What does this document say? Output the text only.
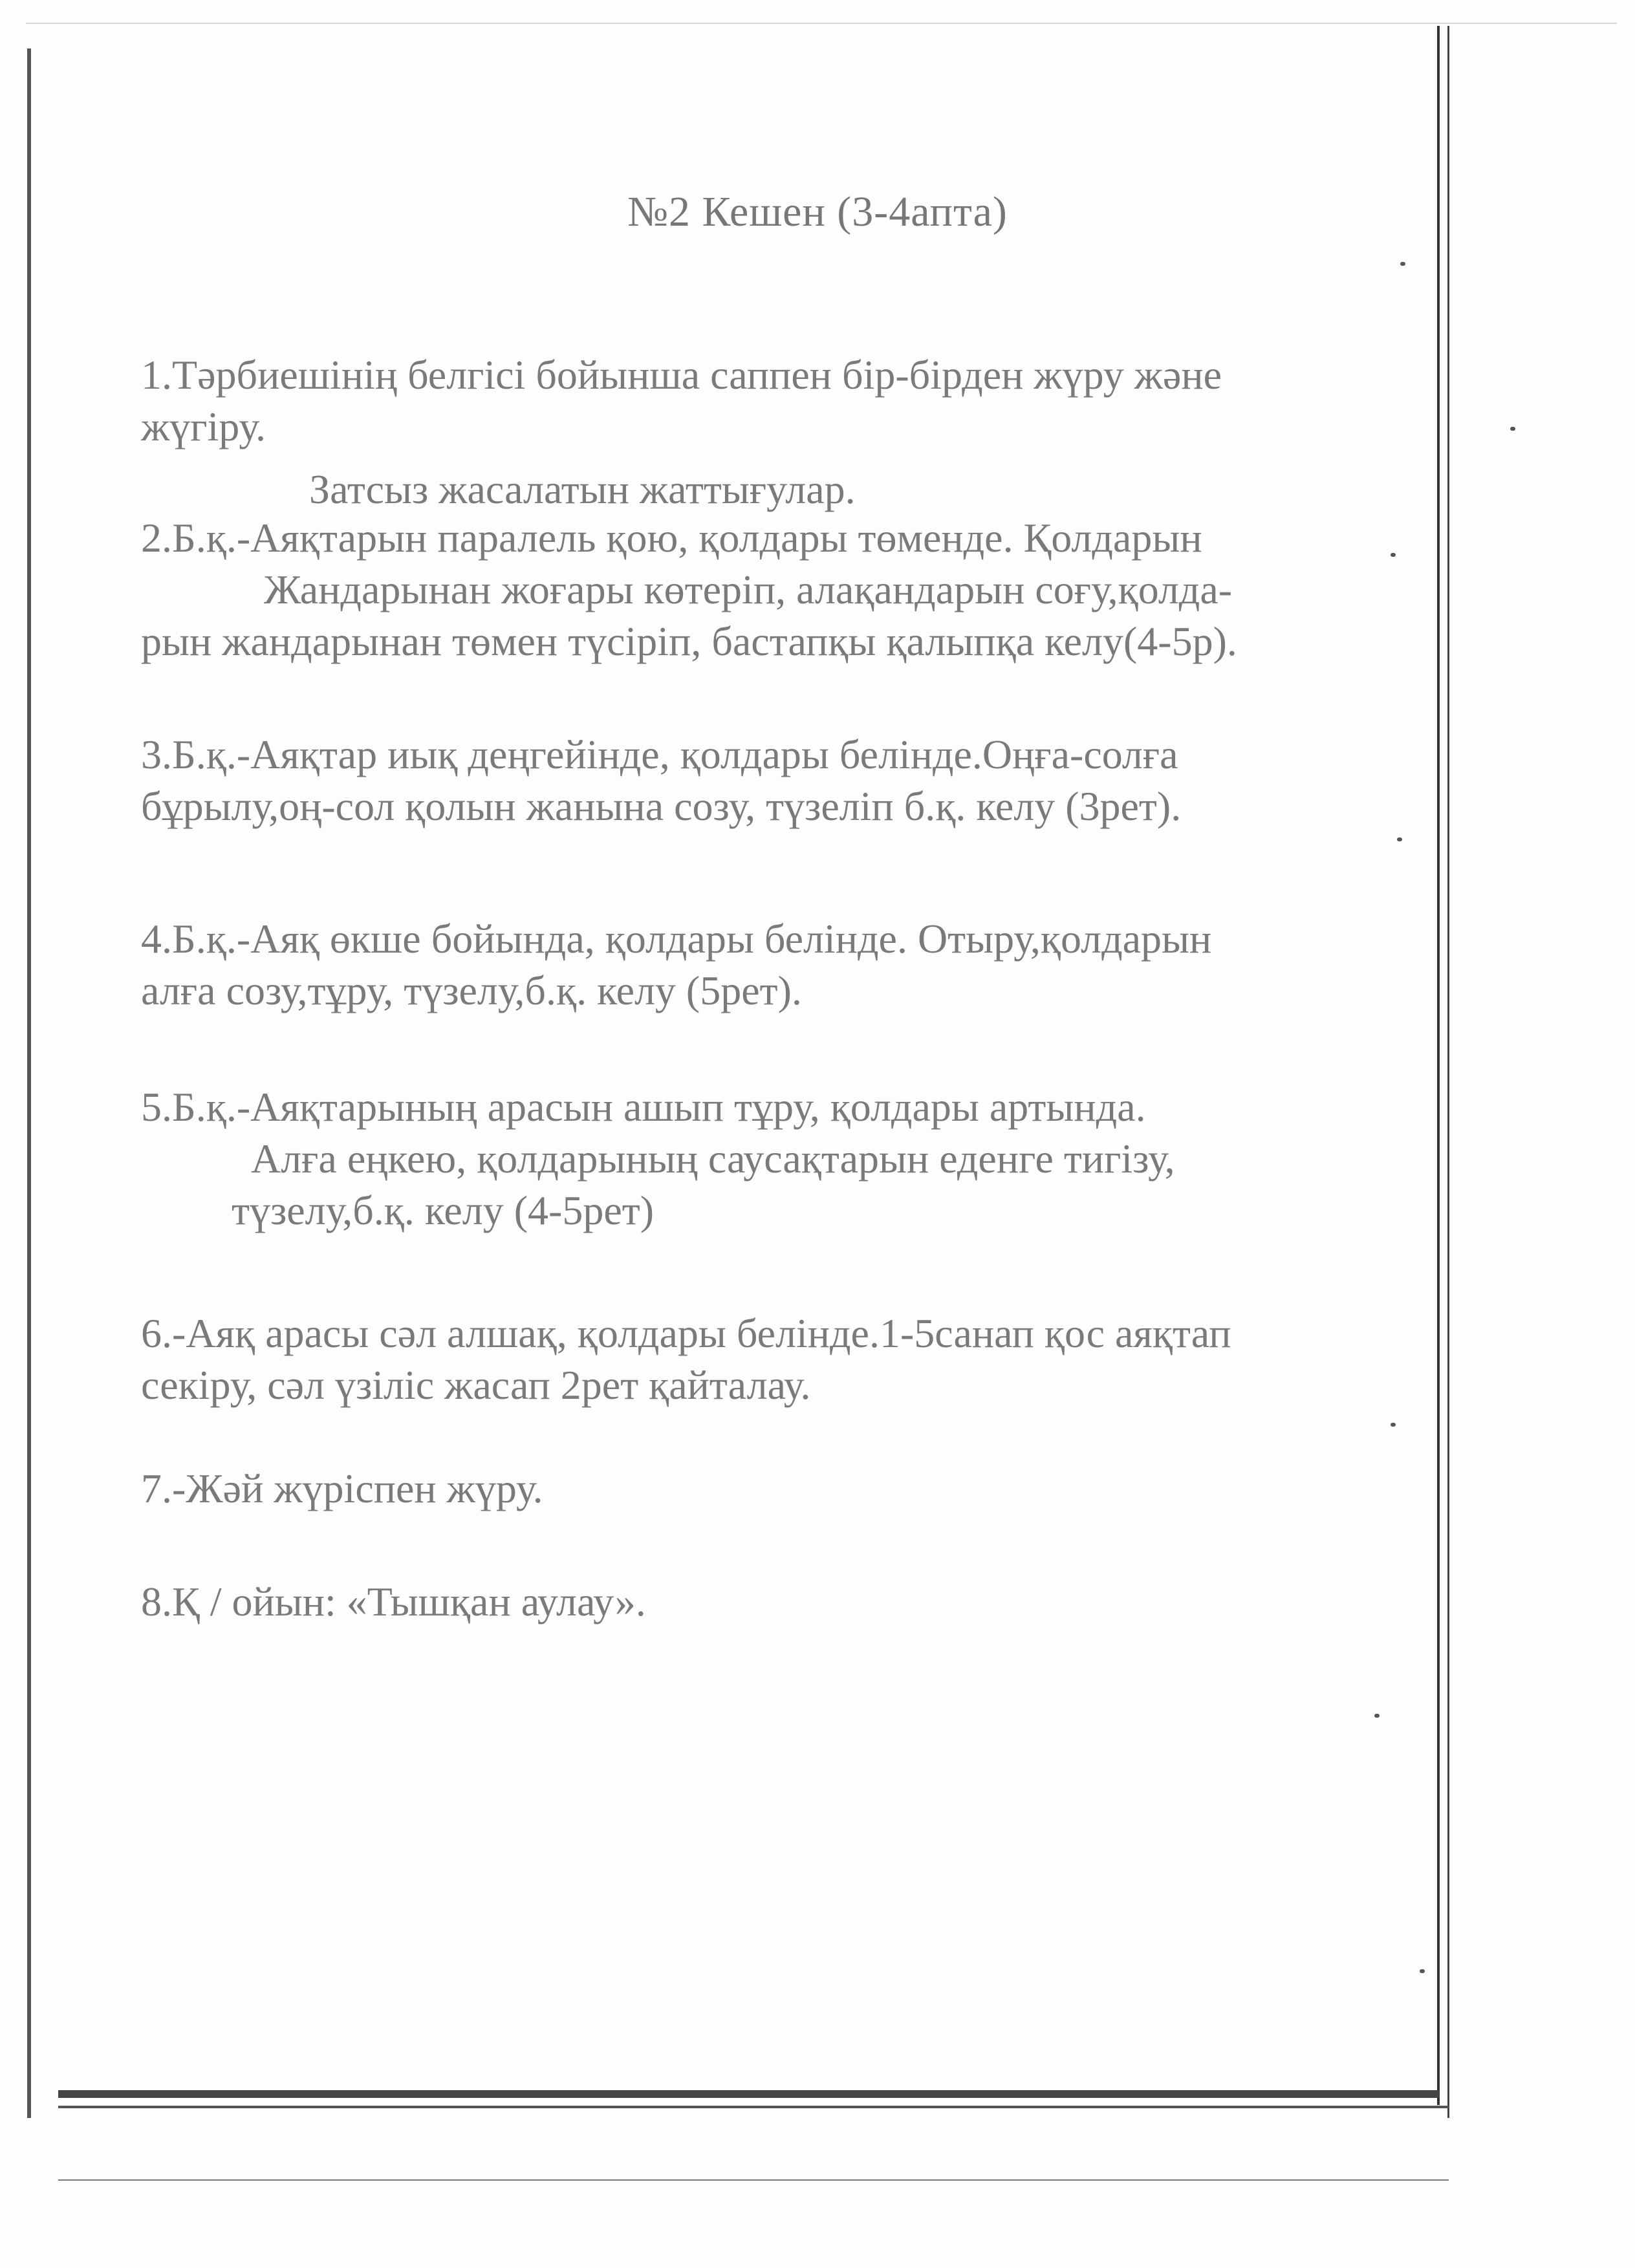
№2 Кешен (3-4апта)
1.Тәрбиешінің белгісі бойынша саппен бір-бірден жүру және
жүгіру.
Затсыз жасалатын жаттығулар.
2.Б.қ.-Аяқтарын паралель қою, қолдары төменде. Қолдарын
Жандарынан жоғары көтеріп, алақандарын соғу,қолда-
рын жандарынан төмен түсіріп, бастапқы қалыпқа келу(4-5р).
3.Б.қ.-Аяқтар иық деңгейінде, қолдары белінде.Оңға-солға
бұрылу,оң-сол қолын жанына созу, түзеліп б.қ. келу (3рет).
4.Б.қ.-Аяқ өкше бойында, қолдары белінде. Отыру,қолдарын
алға созу,тұру, түзелу,б.қ. келу (5рет).
5.Б.қ.-Аяқтарының арасын ашып тұру, қолдары артында.
Алға еңкею, қолдарының саусақтарын еденге тигізу,
түзелу,б.қ. келу (4-5рет)
6.-Аяқ арасы сәл алшақ, қолдары белінде.1-5санап қос аяқтап
секіру, сәл үзіліс жасап 2рет қайталау.
7.-Жәй жүріспен жүру.
8.Қ / ойын: «Тышқан аулау».
